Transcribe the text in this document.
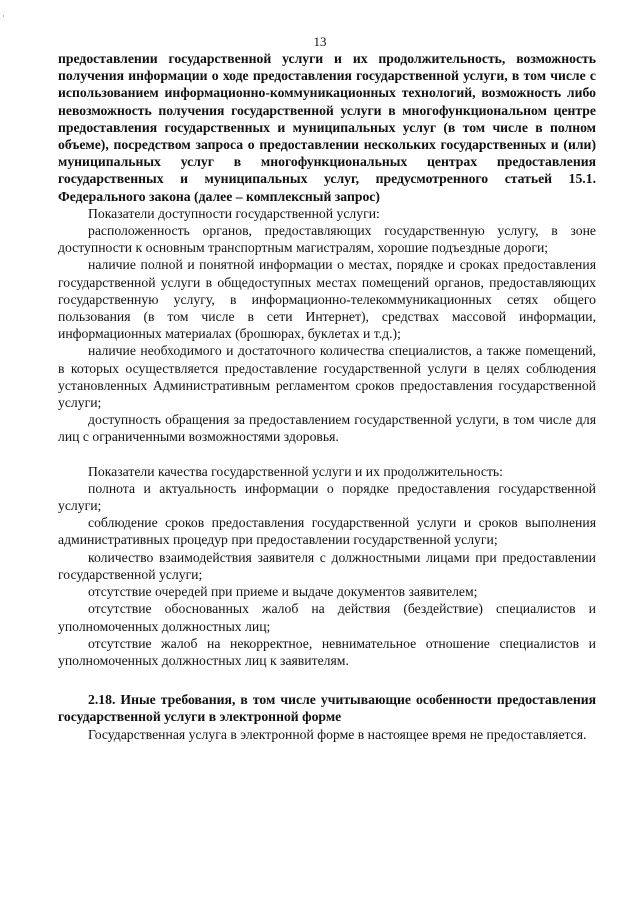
·
13

предоставлении государственной услуги и их продолжительность, возможность получения информации о ходе предоставления государственной услуги, в том числе с использованием информационно-коммуникационных технологий, возможность либо невозможность получения государственной услуги в многофункциональном центре предоставления государственных и муниципальных услуг (в том числе в полном объеме), посредством запроса о предоставлении нескольких государственных и (или) муниципальных услуг в многофункциональных центрах предоставления государственных и муниципальных услуг, предусмотренного статьей 15.1. Федерального закона (далее – комплексный запрос)

Показатели доступности государственной услуги:

расположенность органов, предоставляющих государственную услугу, в зоне доступности к основным транспортным магистралям, хорошие подъездные дороги;

наличие полной и понятной информации о местах, порядке и сроках предоставления государственной услуги в общедоступных местах помещений органов, предоставляющих государственную услугу, в информационно-телекоммуникационных сетях общего пользования (в том числе в сети Интернет), средствах массовой информации, информационных материалах (брошюрах, буклетах и т.д.);

наличие необходимого и достаточного количества специалистов, а также помещений, в которых осуществляется предоставление государственной услуги в целях соблюдения установленных Административным регламентом сроков предоставления государственной услуги;

доступность обращения за предоставлением государственной услуги, в том числе для лиц с ограниченными возможностями здоровья.

Показатели качества государственной услуги и их продолжительность:

полнота и актуальность информации о порядке предоставления государственной услуги;

соблюдение сроков предоставления государственной услуги и сроков выполнения административных процедур при предоставлении государственной услуги;

количество взаимодействия заявителя с должностными лицами при предоставлении государственной услуги;

отсутствие очередей при приеме и выдаче документов заявителем;

отсутствие обоснованных жалоб на действия (бездействие) специалистов и уполномоченных должностных лиц;

отсутствие жалоб на некорректное, невнимательное отношение специалистов и уполномоченных должностных лиц к заявителям.

2.18. Иные требования, в том числе учитывающие особенности предоставления государственной услуги в электронной форме

Государственная услуга в электронной форме в настоящее время не предоставляется.
